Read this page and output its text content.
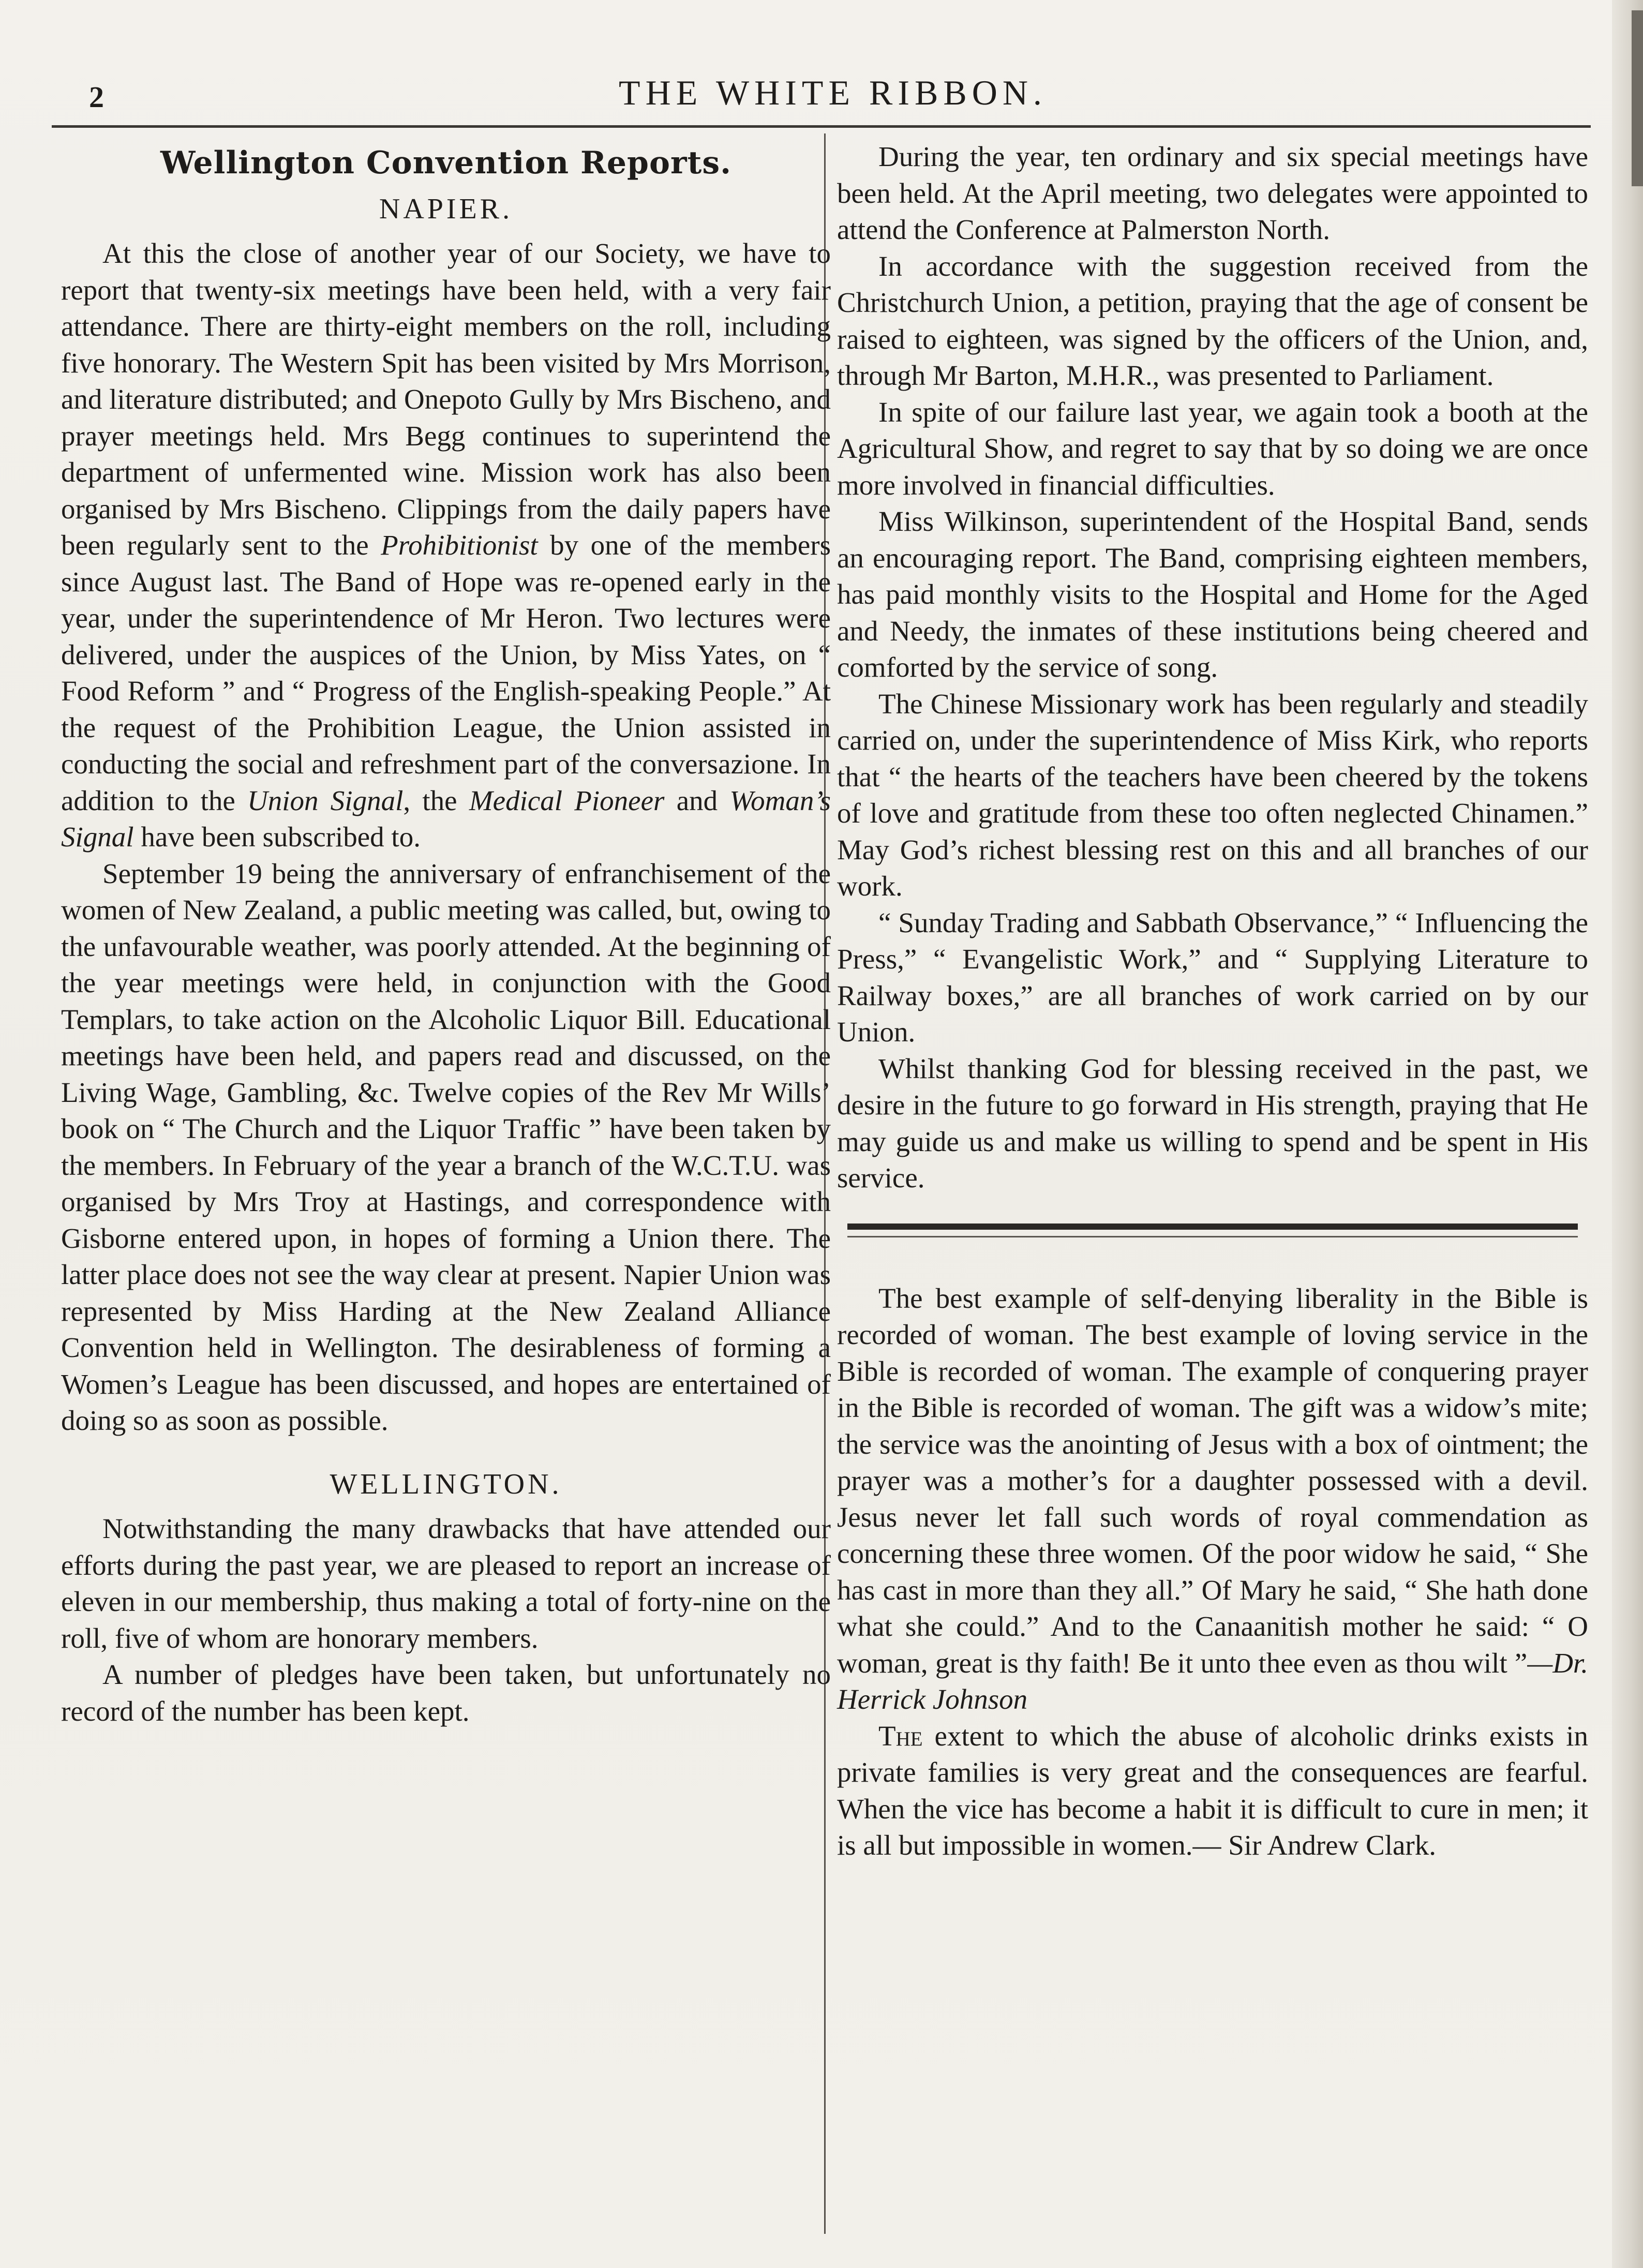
2	THE WHITE RIBBON.
Wellington Convention Reports.
NAPIER.

At this the close of another year of our Society, we have to report that twenty-six meetings have been held, with a very fair attendance. There are thirty-eight members on the roll, including five honorary. The Western Spit has been visited by Mrs Morrison, and literature distributed; and Onepoto Gully by Mrs Bischeno, and prayer meetings held. Mrs Begg continues to superintend the department of unfermented wine. Mission work has also been organised by Mrs Bischeno. Clippings from the daily papers have been regularly sent to the Prohibitionist by one of the members since August last. The Band of Hope was re-opened early in the year, under the superintendence of Mr Heron. Two lectures were delivered, under the auspices of the Union, by Miss Yates, on “ Food Reform ” and “ Progress of the English-speaking People.” At the request of the Prohibition League, the Union assisted in conducting the social and refreshment part of the conversazione. In addition to the Union Signal, the Medical Pioneer and Woman’s Signal have been subscribed to.

September 19 being the anniversary of enfranchisement of the women of New Zealand, a public meeting was called, but, owing to the unfavourable weather, was poorly attended. At the beginning of the year meetings were held, in conjunction with the Good Templars, to take action on the Alcoholic Liquor Bill. Educational meetings have been held, and papers read and discussed, on the Living Wage, Gambling, &c. Twelve copies of the Rev Mr Wills’ book on “ The Church and the Liquor Traffic ” have been taken by the members. In February of the year a branch of the W.C.T.U. was organised by Mrs Troy at Hastings, and correspondence with Gisborne entered upon, in hopes of forming a Union there. The latter place does not see the way clear at present. Napier Union was represented by Miss Harding at the New Zealand Alliance Convention held in Wellington. The desirableness of forming a Women’s League has been discussed, and hopes are entertained of doing so as soon as possible.

WELLINGTON.

Notwithstanding the many drawbacks that have attended our efforts during the past year, we are pleased to report an increase of eleven in our membership, thus making a total of forty-nine on the roll, five of whom are honorary members.

A number of pledges have been taken, but unfortunately no record of the number has been kept.

During the year, ten ordinary and six special meetings have been held. At the April meeting, two delegates were appointed to attend the Conference at Palmerston North.

In accordance with the suggestion received from the Christchurch Union, a petition, praying that the age of consent be raised to eighteen, was signed by the officers of the Union, and, through Mr Barton, M.H.R., was presented to Parliament.

In spite of our failure last year, we again took a booth at the Agricultural Show, and regret to say that by so doing we are once more involved in financial difficulties.

Miss Wilkinson, superintendent of the Hospital Band, sends an encouraging report. The Band, comprising eighteen members, has paid monthly visits to the Hospital and Home for the Aged and Needy, the inmates of these institutions being cheered and comforted by the service of song.

The Chinese Missionary work has been regularly and steadily carried on, under the superintendence of Miss Kirk, who reports that “ the hearts of the teachers have been cheered by the tokens of love and gratitude from these too often neglected Chinamen.” May God’s richest blessing rest on this and all branches of our work.

“ Sunday Trading and Sabbath Observance,” “ Influencing the Press,” “ Evangelistic Work,” and “ Supplying Literature to Railway boxes,” are all branches of work carried on by our Union.

Whilst thanking God for blessing received in the past, we desire in the future to go forward in His strength, praying that He may guide us and make us willing to spend and be spent in His service.

The best example of self-denying liberality in the Bible is recorded of woman. The best example of loving service in the Bible is recorded of woman. The example of conquering prayer in the Bible is recorded of woman. The gift was a widow’s mite; the service was the anointing of Jesus with a box of ointment; the prayer was a mother’s for a daughter possessed with a devil. Jesus never let fall such words of royal commendation as concerning these three women. Of the poor widow he said, “ She has cast in more than they all.” Of Mary he said, “ She hath done what she could.” And to the Canaanitish mother he said: “ O woman, great is thy faith! Be it unto thee even as thou wilt ”—Dr. Herrick Johnson

The extent to which the abuse of alcoholic drinks exists in private families is very great and the consequences are fearful. When the vice has become a habit it is difficult to cure in men; it is all but impossible in women.— Sir Andrew Clark.
